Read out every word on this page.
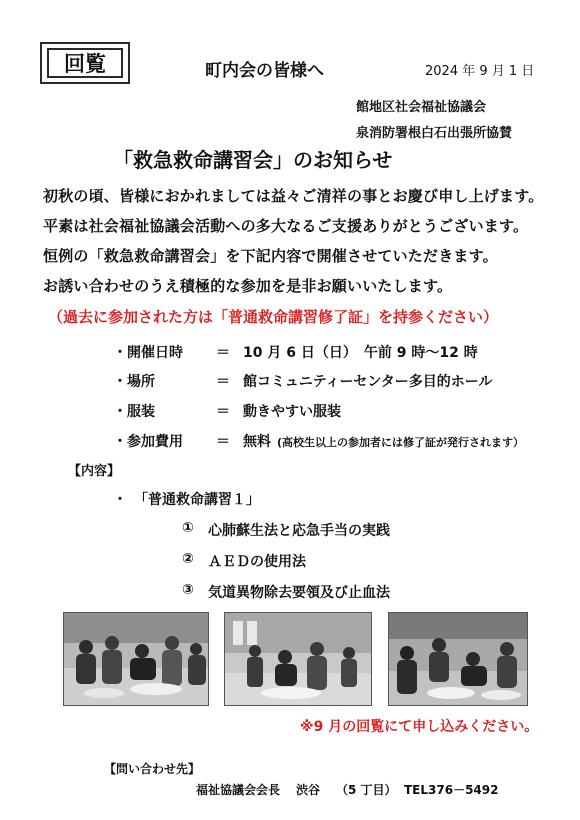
回覧	町内会の皆様へ	2024 年 9 月 1 日
館地区社会福祉協議会
泉消防署根白石出張所協賛
「救急救命講習会」のお知らせ
初秋の頃、皆様におかれましては益々ご清祥の事とお慶び申し上げます。
平素は社会福祉協議会活動への多大なるご支援ありがとうございます。
恒例の「救急救命講習会」を下記内容で開催させていただきます。
お誘い合わせのうえ積極的な参加を是非お願いいたします。
（過去に参加された方は「普通救命講習修了証」を持参ください）
・開催日時 ＝ 10 月 6 日（日）　午前 9 時～12 時
・場所	＝ 館コミュニティーセンター多目的ホール
・服装	＝ 動きやすい服装
・参加費用 ＝ 無料 (高校生以上の参加者には修了証が発行されます）
【内容】
・　「普通救命講習１」
① 心肺蘇生法と応急手当の実践
② ＡＥＤの使用法
③ 気道異物除去要領及び止血法
※9 月の回覧にて申し込みください。
【問い合わせ先】
福祉協議会会長 渋谷 （5 丁目） TEL376－5492
